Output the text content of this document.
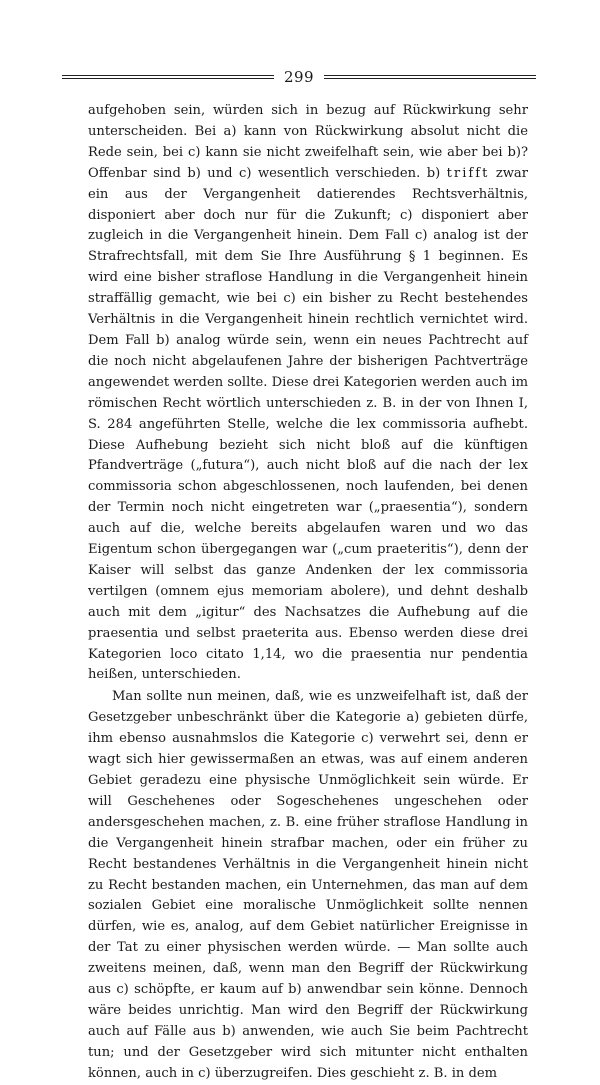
299

aufgehoben sein, würden sich in bezug auf Rückwirkung sehr unterscheiden. Bei a) kann von Rückwirkung absolut nicht die Rede sein, bei c) kann sie nicht zweifelhaft sein, wie aber bei b)? Offenbar sind b) und c) wesentlich verschieden. b) trifft zwar ein aus der Vergangenheit datierendes Rechtsverhältnis, disponiert aber doch nur für die Zukunft; c) disponiert aber zugleich in die Vergangenheit hinein. Dem Fall c) analog ist der Strafrechtsfall, mit dem Sie Ihre Ausführung § 1 beginnen. Es wird eine bisher straflose Handlung in die Vergangenheit hinein straffällig gemacht, wie bei c) ein bisher zu Recht bestehendes Verhältnis in die Vergangenheit hinein rechtlich vernichtet wird. Dem Fall b) analog würde sein, wenn ein neues Pachtrecht auf die noch nicht abgelaufenen Jahre der bisherigen Pachtverträge angewendet werden sollte. Diese drei Kategorien werden auch im römischen Recht wörtlich unterschieden z. B. in der von Ihnen I, S. 284 angeführten Stelle, welche die lex commissoria aufhebt. Diese Aufhebung bezieht sich nicht bloß auf die künftigen Pfandverträge („futura“), auch nicht bloß auf die nach der lex commissoria schon abgeschlossenen, noch laufenden, bei denen der Termin noch nicht eingetreten war („praesentia“), sondern auch auf die, welche bereits abgelaufen waren und wo das Eigentum schon übergegangen war („cum praeteritis“), denn der Kaiser will selbst das ganze Andenken der lex commissoria vertilgen (omnem ejus memoriam abolere), und dehnt deshalb auch mit dem „igitur“ des Nachsatzes die Aufhebung auf die praesentia und selbst praeterita aus. Ebenso werden diese drei Kategorien loco citato 1,14, wo die praesentia nur pendentia heißen, unterschieden.

Man sollte nun meinen, daß, wie es unzweifelhaft ist, daß der Gesetzgeber unbeschränkt über die Kategorie a) gebieten dürfe, ihm ebenso ausnahmslos die Kategorie c) verwehrt sei, denn er wagt sich hier gewissermaßen an etwas, was auf einem anderen Gebiet geradezu eine physische Unmöglichkeit sein würde. Er will Geschehenes oder Sogeschehenes ungeschehen oder andersgeschehen machen, z. B. eine früher straflose Handlung in die Vergangenheit hinein strafbar machen, oder ein früher zu Recht bestandenes Verhältnis in die Vergangenheit hinein nicht zu Recht bestanden machen, ein Unternehmen, das man auf dem sozialen Gebiet eine moralische Unmöglichkeit sollte nennen dürfen, wie es, analog, auf dem Gebiet natürlicher Ereignisse in der Tat zu einer physischen werden würde. — Man sollte auch zweitens meinen, daß, wenn man den Begriff der Rückwirkung aus c) schöpfte, er kaum auf b) anwendbar sein könne. Dennoch wäre beides unrichtig. Man wird den Begriff der Rückwirkung auch auf Fälle aus b) anwenden, wie auch Sie beim Pachtrecht tun; und der Gesetzgeber wird sich mitunter nicht enthalten können, auch in c) überzugreifen. Dies geschieht z. B. in dem
